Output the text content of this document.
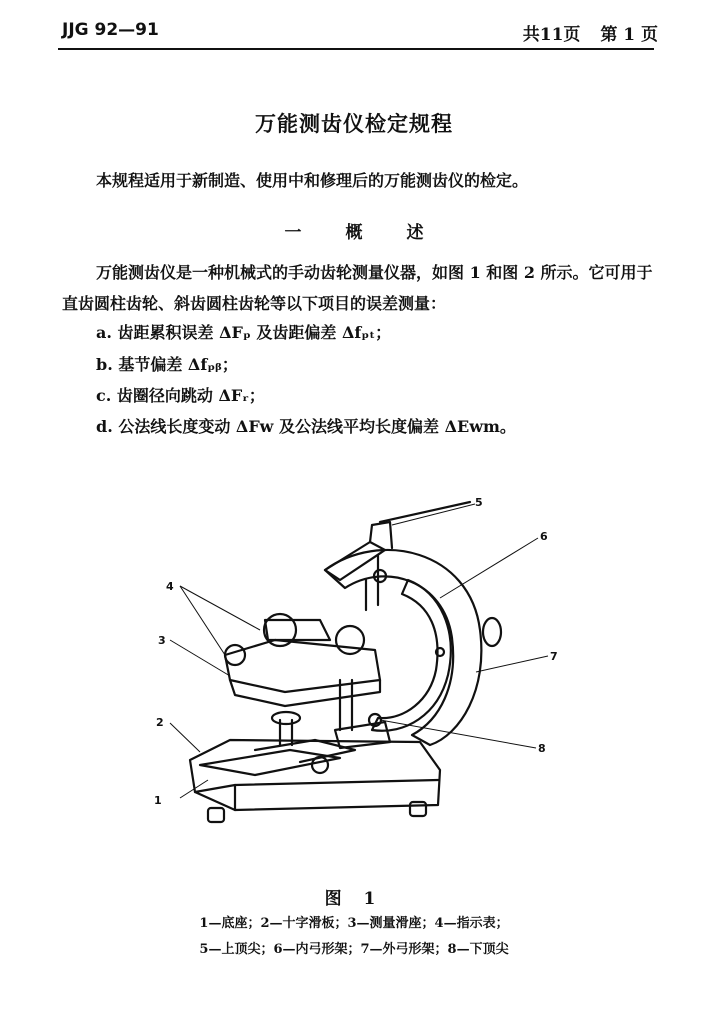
JJG 92—91	共11页 第 1 页
万能测齿仪检定规程
本规程适用于新制造、使用中和修理后的万能测齿仪的检定。
一	概	述
万能测齿仪是一种机械式的手动齿轮测量仪器，如图 1 和图 2 所示。它可用于直齿圆柱齿轮、斜齿圆柱齿轮等以下项目的误差测量：
a. 齿距累积误差 ΔFₚ 及齿距偏差 Δfₚₜ；
b. 基节偏差 Δfₚᵦ；
c. 齿圈径向跳动 ΔFᵣ；
d. 公法线长度变动 ΔFw 及公法线平均长度偏差 ΔEwm。
1
2
3
4
5
6
7
8
图 1
1—底座；2—十字滑板；3—测量滑座；4—指示表；
5—上顶尖；6—内弓形架；7—外弓形架；8—下顶尖
